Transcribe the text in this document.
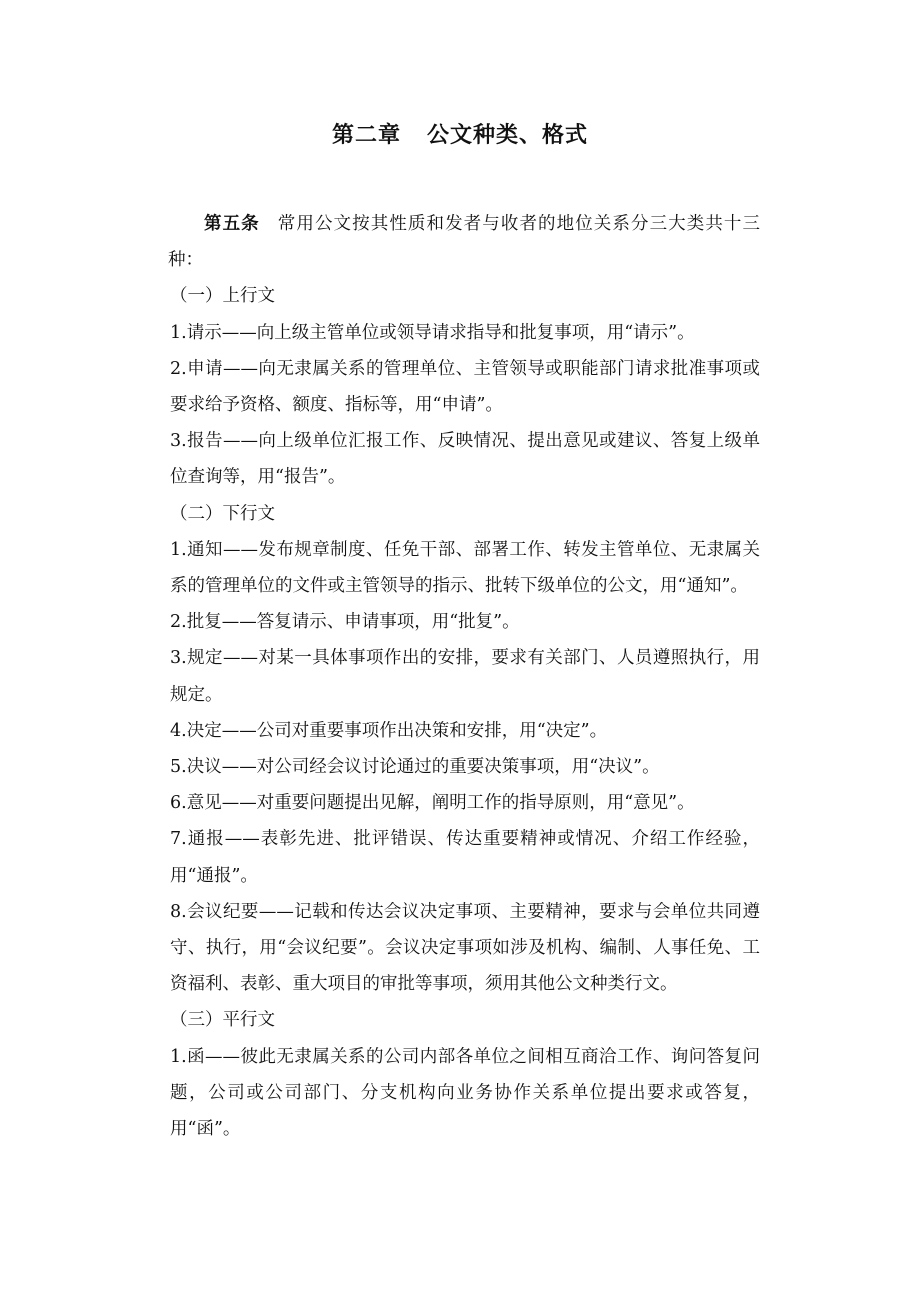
第二章 公文种类、格式

第五条 常用公文按其性质和发者与收者的地位关系分三大类共十三种：

（一）上行文

1.请示——向上级主管单位或领导请求指导和批复事项，用“请示”。

2.申请——向无隶属关系的管理单位、主管领导或职能部门请求批准事项或要求给予资格、额度、指标等，用“申请”。

3.报告——向上级单位汇报工作、反映情况、提出意见或建议、答复上级单位查询等，用“报告”。

（二）下行文

1.通知——发布规章制度、任免干部、部署工作、转发主管单位、无隶属关系的管理单位的文件或主管领导的指示、批转下级单位的公文，用“通知”。

2.批复——答复请示、申请事项，用“批复”。

3.规定——对某一具体事项作出的安排，要求有关部门、人员遵照执行，用规定。

4.决定——公司对重要事项作出决策和安排，用“决定”。

5.决议——对公司经会议讨论通过的重要决策事项，用“决议”。

6.意见——对重要问题提出见解，阐明工作的指导原则，用“意见”。

7.通报——表彰先进、批评错误、传达重要精神或情况、介绍工作经验，用“通报”。

8.会议纪要——记载和传达会议决定事项、主要精神，要求与会单位共同遵守、执行，用“会议纪要”。会议决定事项如涉及机构、编制、人事任免、工资福利、表彰、重大项目的审批等事项，须用其他公文种类行文。

（三）平行文

1.函——彼此无隶属关系的公司内部各单位之间相互商洽工作、询问答复问题，公司或公司部门、分支机构向业务协作关系单位提出要求或答复，用“函”。
